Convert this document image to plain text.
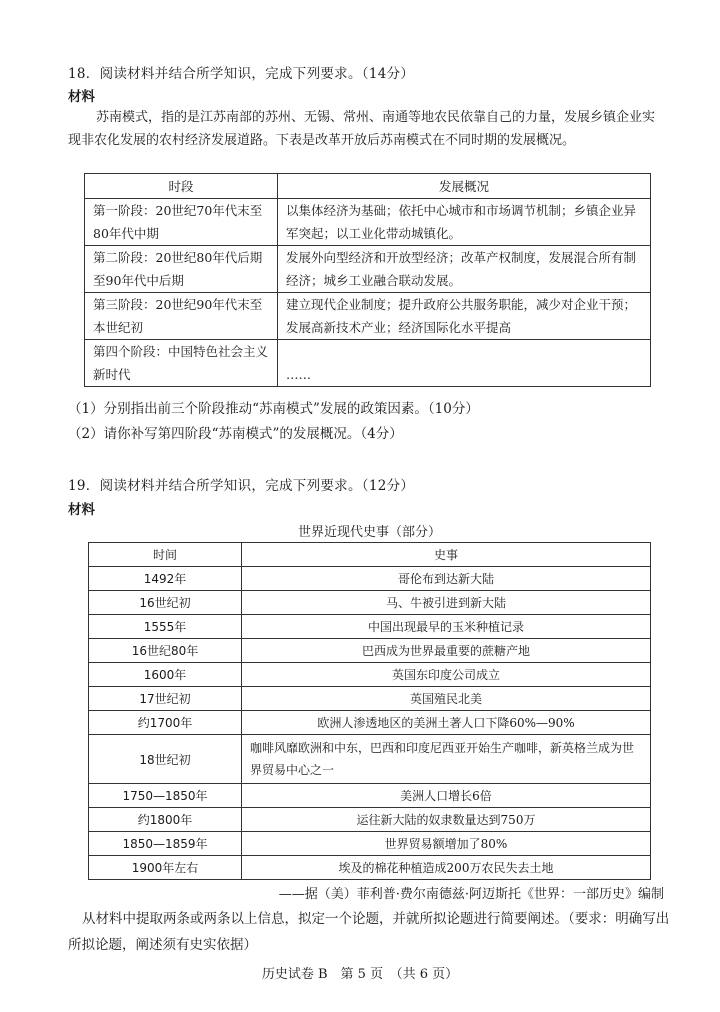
18．阅读材料并结合所学知识，完成下列要求。（14分）
材料
苏南模式，指的是江苏南部的苏州、无锡、常州、南通等地农民依靠自己的力量，发展乡镇企业实现非农化发展的农村经济发展道路。下表是改革开放后苏南模式在不同时期的发展概况。
时段	发展概况
第一阶段：20世纪70年代末至80年代中期	以集体经济为基础；依托中心城市和市场调节机制；乡镇企业异军突起；以工业化带动城镇化。
第二阶段：20世纪80年代后期至90年代中后期	发展外向型经济和开放型经济；改革产权制度，发展混合所有制经济；城乡工业融合联动发展。
第三阶段：20世纪90年代末至本世纪初	建立现代企业制度；提升政府公共服务职能，减少对企业干预；发展高新技术产业；经济国际化水平提高
第四个阶段：中国特色社会主义新时代	……
（1）分别指出前三个阶段推动“苏南模式”发展的政策因素。（10分）
（2）请你补写第四阶段“苏南模式”的发展概况。（4分）
19．阅读材料并结合所学知识，完成下列要求。（12分）
材料
世界近现代史事（部分）
时间	史事
1492年	哥伦布到达新大陆
16世纪初	马、牛被引进到新大陆
1555年	中国出现最早的玉米种植记录
16世纪80年	巴西成为世界最重要的蔗糖产地
1600年	英国东印度公司成立
17世纪初	英国殖民北美
约1700年	欧洲人渗透地区的美洲土著人口下降60%—90%
18世纪初	咖啡风靡欧洲和中东，巴西和印度尼西亚开始生产咖啡，新英格兰成为世界贸易中心之一
1750—1850年	美洲人口增长6倍
约1800年	运往新大陆的奴隶数量达到750万
1850—1859年	世界贸易额增加了80%
1900年左右	埃及的棉花种植造成200万农民失去土地
——据（美）菲利普·费尔南德兹·阿迈斯托《世界：一部历史》编制
从材料中提取两条或两条以上信息，拟定一个论题，并就所拟论题进行简要阐述。（要求：明确写出所拟论题，阐述须有史实依据）
历史试卷 B　第 5 页　（共 6 页）
